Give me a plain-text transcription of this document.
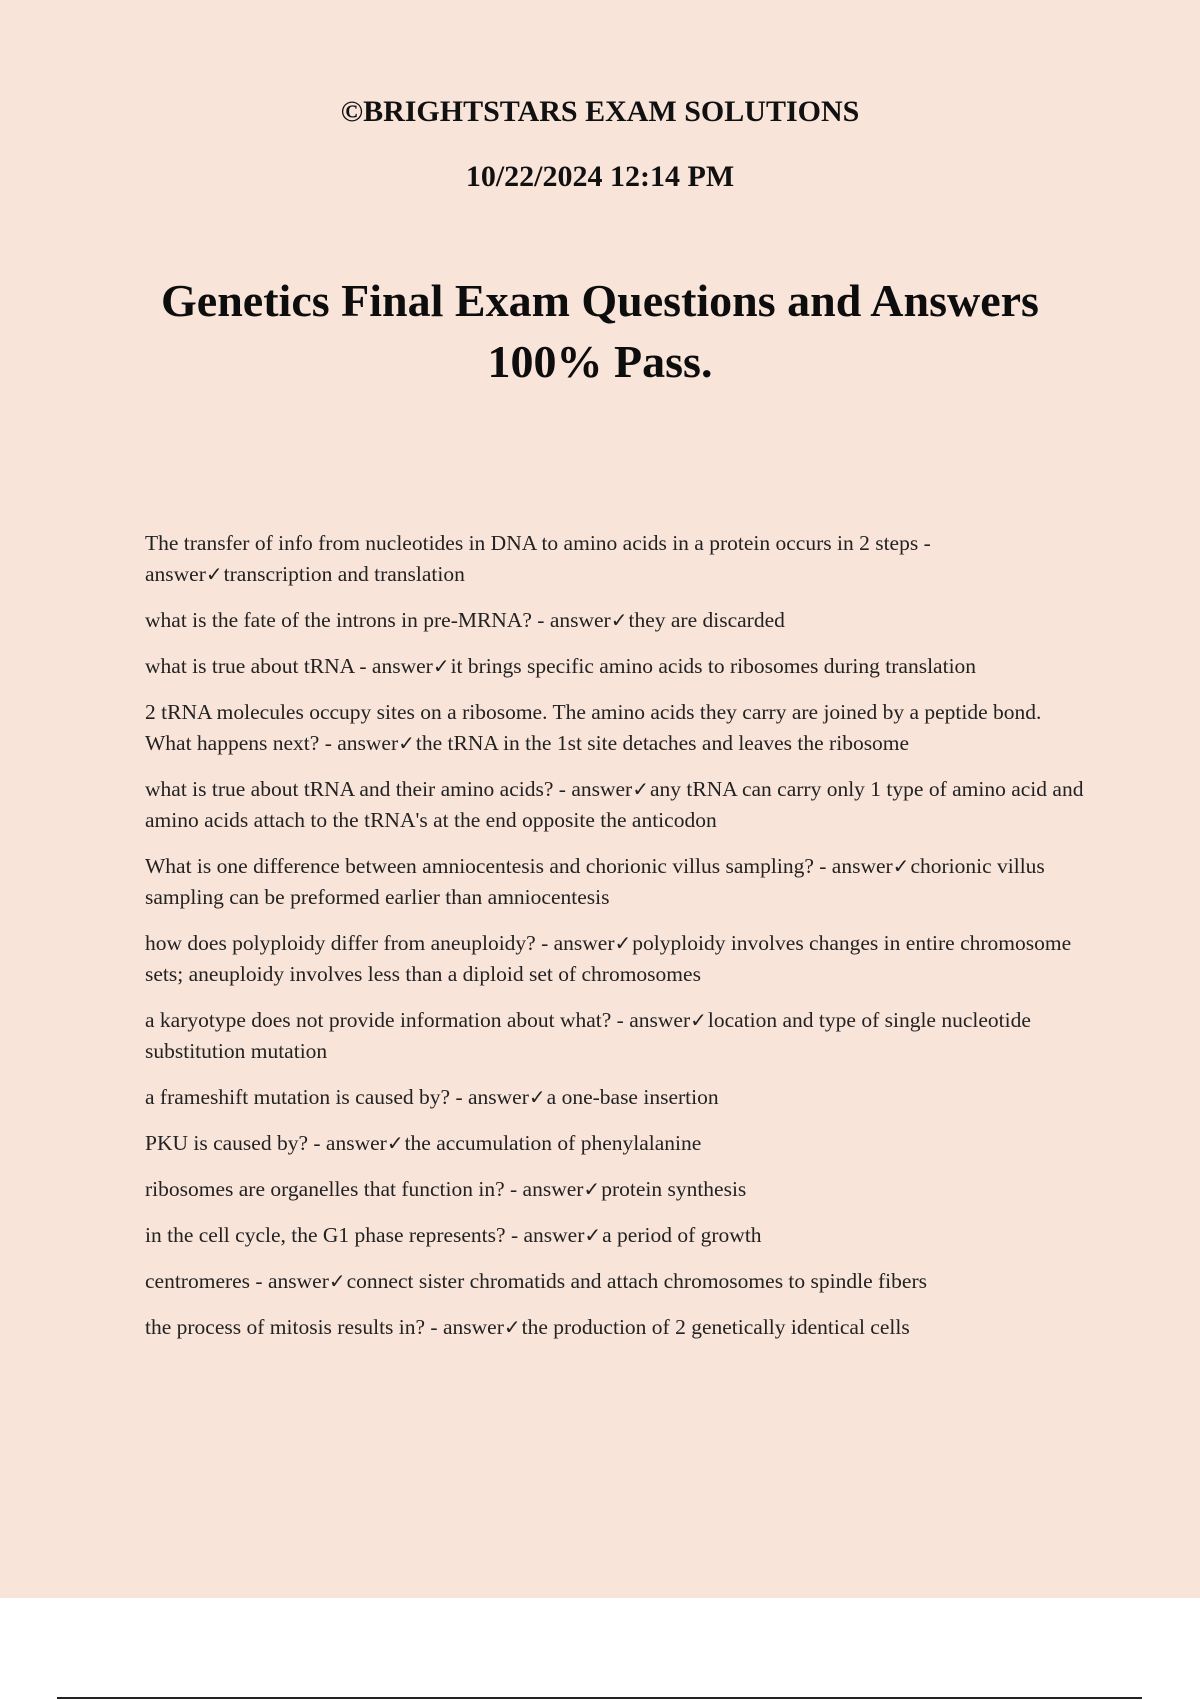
©BRIGHTSTARS EXAM SOLUTIONS
10/22/2024 12:14 PM
Genetics Final Exam Questions and Answers
100% Pass.

The transfer of info from nucleotides in DNA to amino acids in a protein occurs in 2 steps - answer✓transcription and translation

what is the fate of the introns in pre-MRNA? - answer✓they are discarded

what is true about tRNA - answer✓it brings specific amino acids to ribosomes during translation

2 tRNA molecules occupy sites on a ribosome. The amino acids they carry are joined by a peptide bond. What happens next? - answer✓the tRNA in the 1st site detaches and leaves the ribosome

what is true about tRNA and their amino acids? - answer✓any tRNA can carry only 1 type of amino acid and amino acids attach to the tRNA's at the end opposite the anticodon

What is one difference between amniocentesis and chorionic villus sampling? - answer✓chorionic villus sampling can be preformed earlier than amniocentesis

how does polyploidy differ from aneuploidy? - answer✓polyploidy involves changes in entire chromosome sets; aneuploidy involves less than a diploid set of chromosomes

a karyotype does not provide information about what? - answer✓location and type of single nucleotide substitution mutation

a frameshift mutation is caused by? - answer✓a one-base insertion

PKU is caused by? - answer✓the accumulation of phenylalanine

ribosomes are organelles that function in? - answer✓protein synthesis

in the cell cycle, the G1 phase represents? - answer✓a period of growth

centromeres - answer✓connect sister chromatids and attach chromosomes to spindle fibers

the process of mitosis results in? - answer✓the production of 2 genetically identical cells
